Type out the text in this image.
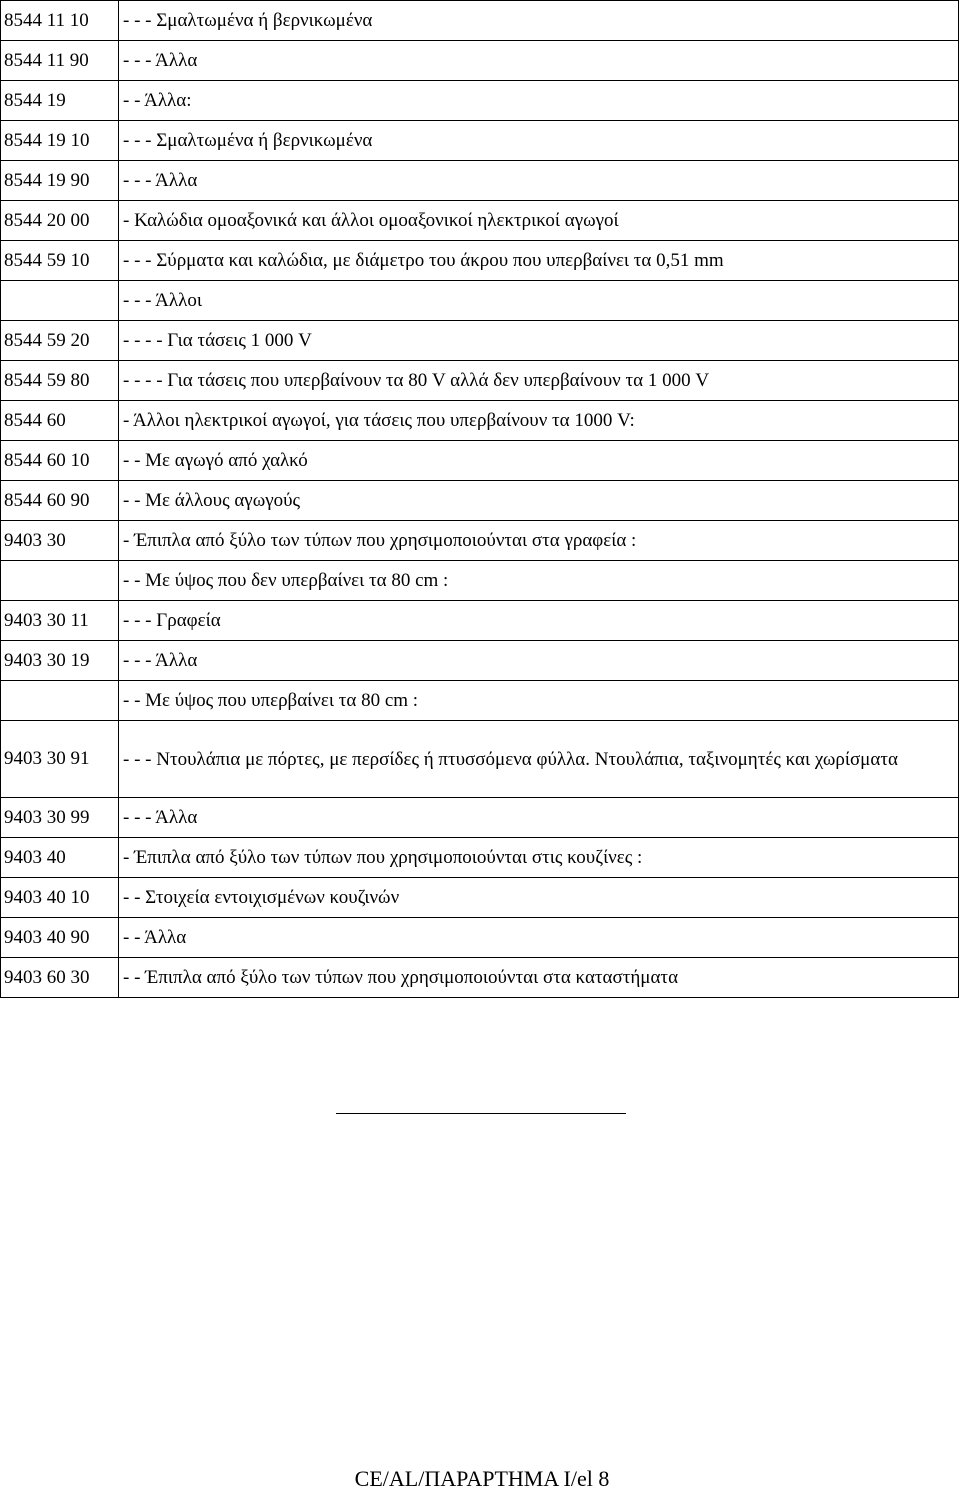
8544 11 10	- - - Σμαλτωμένα ή βερνικωμένα
8544 11 90	- - - Άλλα
8544 19	- - Άλλα:
8544 19 10	- - - Σμαλτωμένα ή βερνικωμένα
8544 19 90	- - - Άλλα
8544 20 00	- Καλώδια ομοαξονικά και άλλοι ομοαξονικοί ηλεκτρικοί αγωγοί
8544 59 10	- - - Σύρματα και καλώδια, με διάμετρο του άκρου που υπερβαίνει τα 0,51 mm
	- - - Άλλοι
8544 59 20	- - - - Για τάσεις 1 000 V
8544 59 80	- - - - Για τάσεις που υπερβαίνουν τα 80 V αλλά δεν υπερβαίνουν τα 1 000 V
8544 60	- Άλλοι ηλεκτρικοί αγωγοί, για τάσεις που υπερβαίνουν τα 1000 V:
8544 60 10	- - Με αγωγό από χαλκό
8544 60 90	- - Με άλλους αγωγούς
9403 30	- Έπιπλα από ξύλο των τύπων που χρησιμοποιούνται στα γραφεία :
	- - Με ύψος που δεν υπερβαίνει τα 80 cm :
9403 30 11	- - - Γραφεία
9403 30 19	- - - Άλλα
	- - Με ύψος που υπερβαίνει τα 80 cm :
9403 30 91	- - - Ντουλάπια με πόρτες, με περσίδες ή πτυσσόμενα φύλλα. Ντουλάπια, ταξινομητές και χωρίσματα
9403 30 99	- - - Άλλα
9403 40	- Έπιπλα από ξύλο των τύπων που χρησιμοποιούνται στις κουζίνες :
9403 40 10	- - Στοιχεία εντοιχισμένων κουζινών
9403 40 90	- - Άλλα
9403 60 30	- - Έπιπλα από ξύλο των τύπων που χρησιμοποιούνται στα καταστήματα
CE/AL/ΠΑΡΑΡΤΗΜΑ I/el 8
